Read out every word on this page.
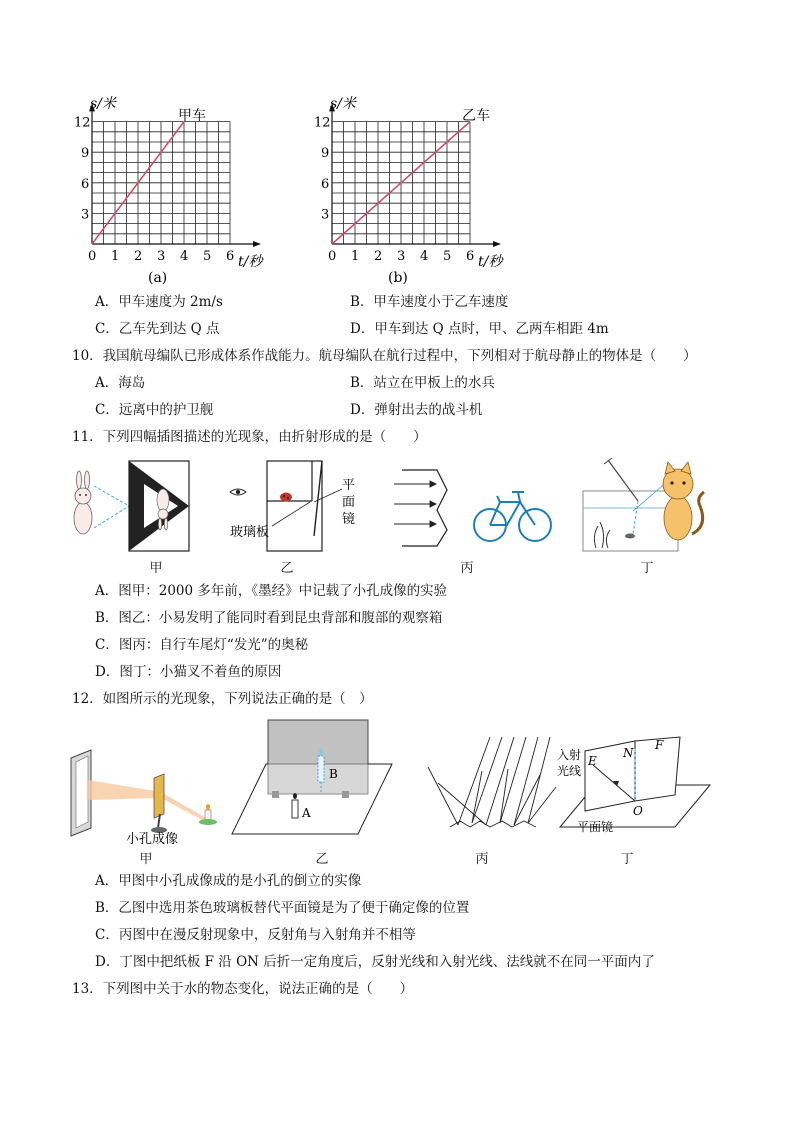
0 1 2 3 4 5 6
12
9
6
3
s/米
甲车
t/秒
(a)
0 1 2 3 4 5 6
12
9
6
3
s/米
乙车
t/秒
(b)
A．甲车速度为 2m/s	B．甲车速度小于乙车速度
C．乙车先到达 Q 点	D．甲车到达 Q 点时，甲、乙两车相距 4m
10．我国航母编队已形成体系作战能力。航母编队在航行过程中，下列相对于航母静止的物体是（　　）
A．海岛	B．站立在甲板上的水兵
C．远离中的护卫舰	D．弹射出去的战斗机
11．下列四幅插图描述的光现象，由折射形成的是（　　）
甲
平
面
镜
玻璃板
乙	丙	丁
A．图甲：2000 多年前，《墨经》中记载了小孔成像的实验
B．图乙：小易发明了能同时看到昆虫背部和腹部的观察箱
C．图丙：自行车尾灯“发光”的奥秘
D．图丁：小猫叉不着鱼的原因
12．如图所示的光现象，下列说法正确的是（　）
小孔成像
甲
B
A
乙	丙
入射
光线
E
N
F
O
平面镜
丁
A．甲图中小孔成像成的是小孔的倒立的实像
B．乙图中选用茶色玻璃板替代平面镜是为了便于确定像的位置
C．丙图中在漫反射现象中，反射角与入射角并不相等
D．丁图中把纸板 F 沿 ON 后折一定角度后，反射光线和入射光线、法线就不在同一平面内了
13．下列图中关于水的物态变化，说法正确的是（　　）
